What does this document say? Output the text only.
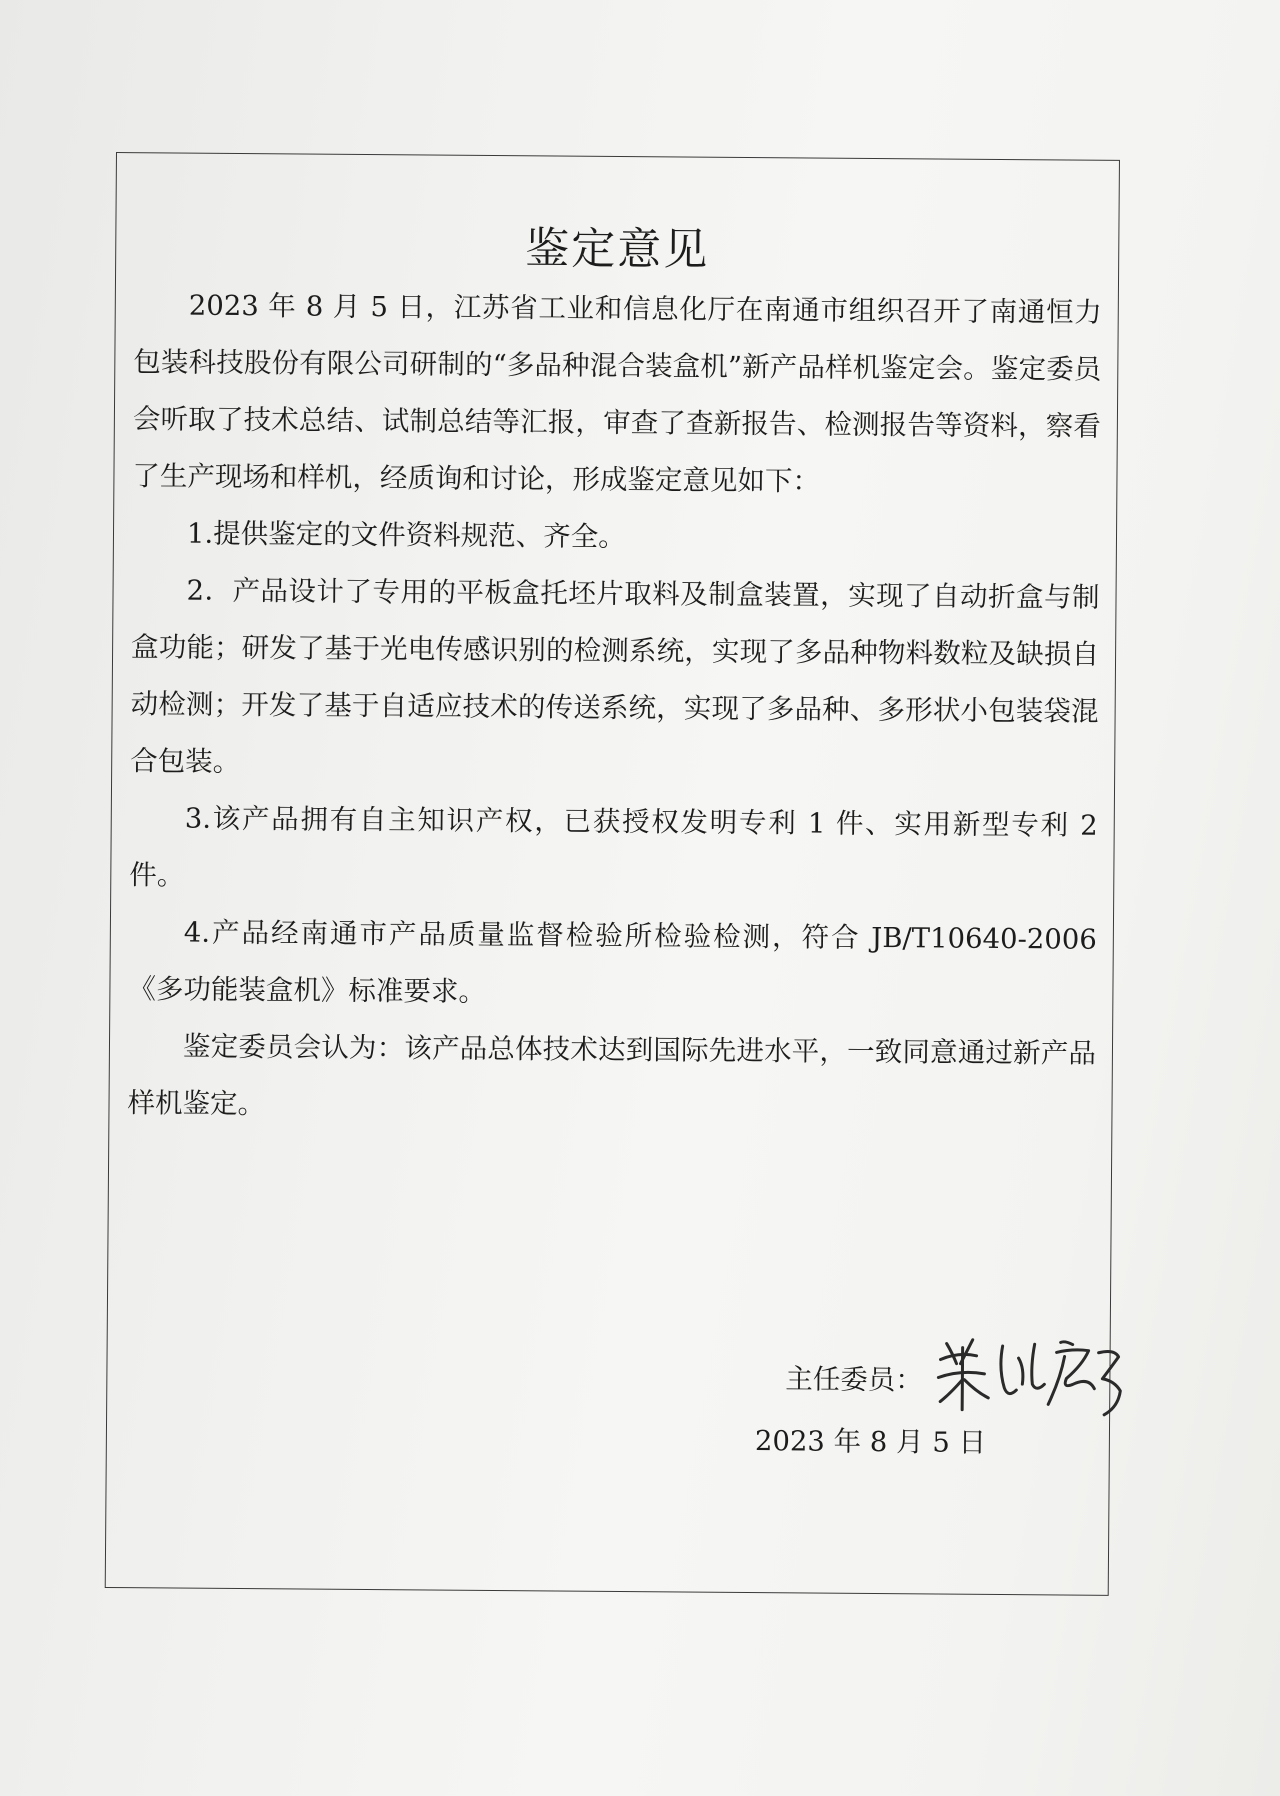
鉴定意见

2023 年 8 月 5 日，江苏省工业和信息化厅在南通市组织召开了南通恒力包装科技股份有限公司研制的“多品种混合装盒机”新产品样机鉴定会。鉴定委员会听取了技术总结、试制总结等汇报，审查了查新报告、检测报告等资料，察看了生产现场和样机，经质询和讨论，形成鉴定意见如下：

1.提供鉴定的文件资料规范、齐全。

2．产品设计了专用的平板盒托坯片取料及制盒装置，实现了自动折盒与制盒功能；研发了基于光电传感识别的检测系统，实现了多品种物料数粒及缺损自动检测；开发了基于自适应技术的传送系统，实现了多品种、多形状小包装袋混合包装。

3.该产品拥有自主知识产权，已获授权发明专利 1 件、实用新型专利 2 件。

4.产品经南通市产品质量监督检验所检验检测，符合 JB/T10640-2006《多功能装盒机》标准要求。

鉴定委员会认为：该产品总体技术达到国际先进水平，一致同意通过新产品样机鉴定。

主任委员：
2023 年 8 月 5 日
